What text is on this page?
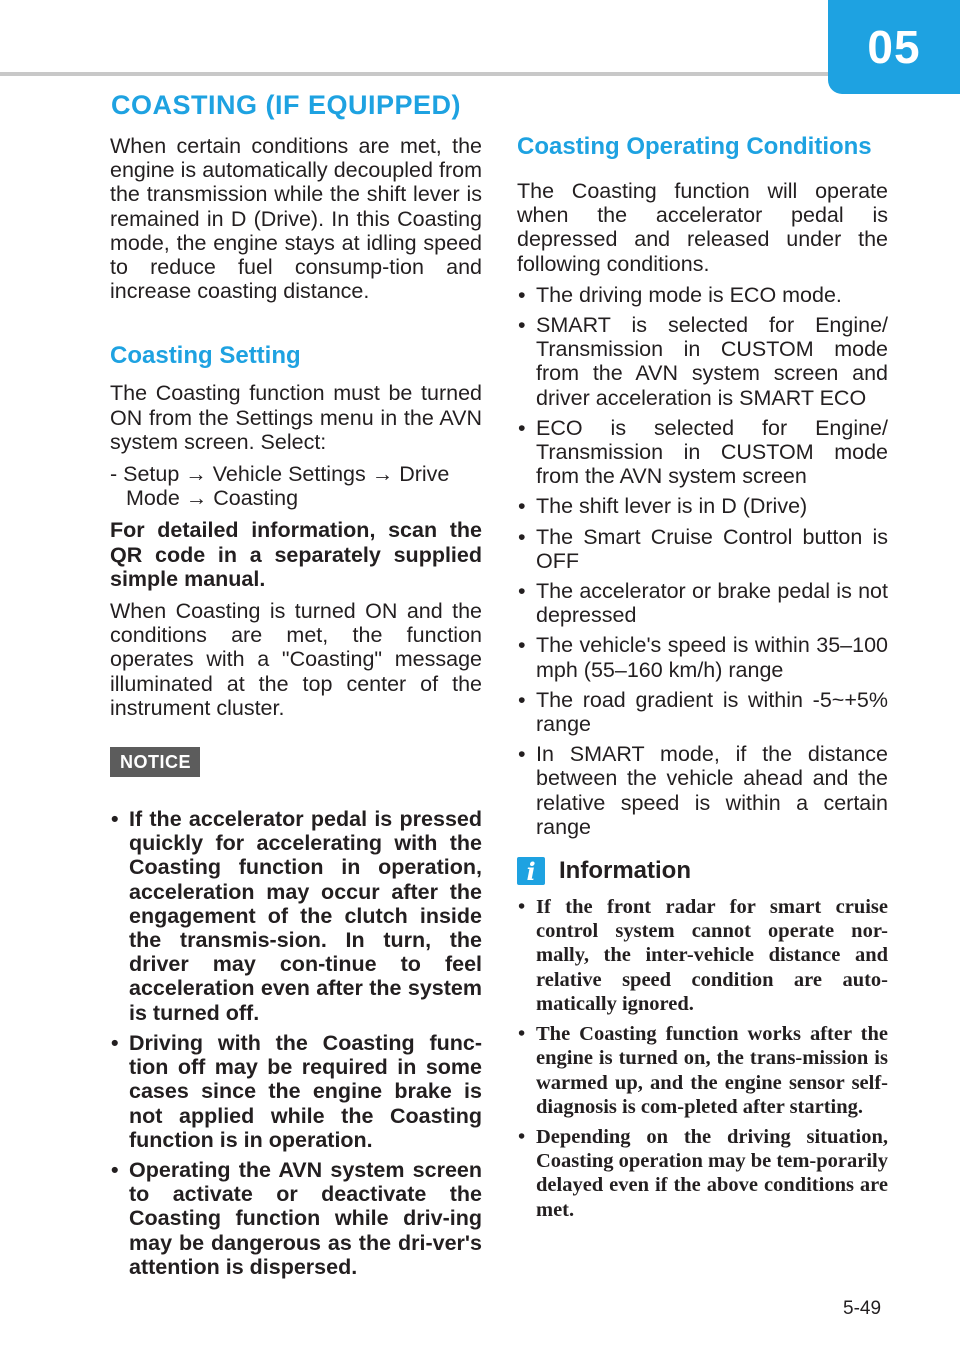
05
COASTING (IF EQUIPPED)

When certain conditions are met, the engine is automatically decoupled from the transmission while the shift lever is remained in D (Drive). In this Coasting mode, the engine stays at idling speed to reduce fuel consump-tion and increase coasting distance.

Coasting Setting

The Coasting function must be turned ON from the Settings menu in the AVN system screen. Select:

- Setup → Vehicle Settings → Drive Mode → Coasting

For detailed information, scan the QR code in a separately supplied simple manual.

When Coasting is turned ON and the conditions are met, the function operates with a "Coasting" message illuminated at the top center of the instrument cluster.

NOTICE
• If the accelerator pedal is pressed quickly for accelerating with the Coasting function in operation, acceleration may occur after the engagement of the clutch inside the transmis-sion. In turn, the driver may con-tinue to feel acceleration even after the system is turned off.
• Driving with the Coasting func-tion off may be required in some cases since the engine brake is not applied while the Coasting function is in operation.
• Operating the AVN system screen to activate or deactivate the Coasting function while driv-ing may be dangerous as the dri-ver's attention is dispersed.
Coasting Operating Conditions

The Coasting function will operate when the accelerator pedal is depressed and released under the following conditions.

• The driving mode is ECO mode.
• SMART is selected for Engine/ Transmission in CUSTOM mode from the AVN system screen and driver acceleration is SMART ECO
• ECO is selected for Engine/ Transmission in CUSTOM mode from the AVN system screen
• The shift lever is in D (Drive)
• The Smart Cruise Control button is OFF
• The accelerator or brake pedal is not depressed
• The vehicle's speed is within 35–100 mph (55–160 km/h) range
• The road gradient is within -5~+5% range
• In SMART mode, if the distance between the vehicle ahead and the relative speed is within a certain range
i Information
• If the front radar for smart cruise control system cannot operate nor-mally, the inter-vehicle distance and relative speed condition are auto-matically ignored.
• The Coasting function works after the engine is turned on, the trans-mission is warmed up, and the engine sensor self-diagnosis is com-pleted after starting.
• Depending on the driving situation, Coasting operation may be tem-porarily delayed even if the above conditions are met.
5-49
